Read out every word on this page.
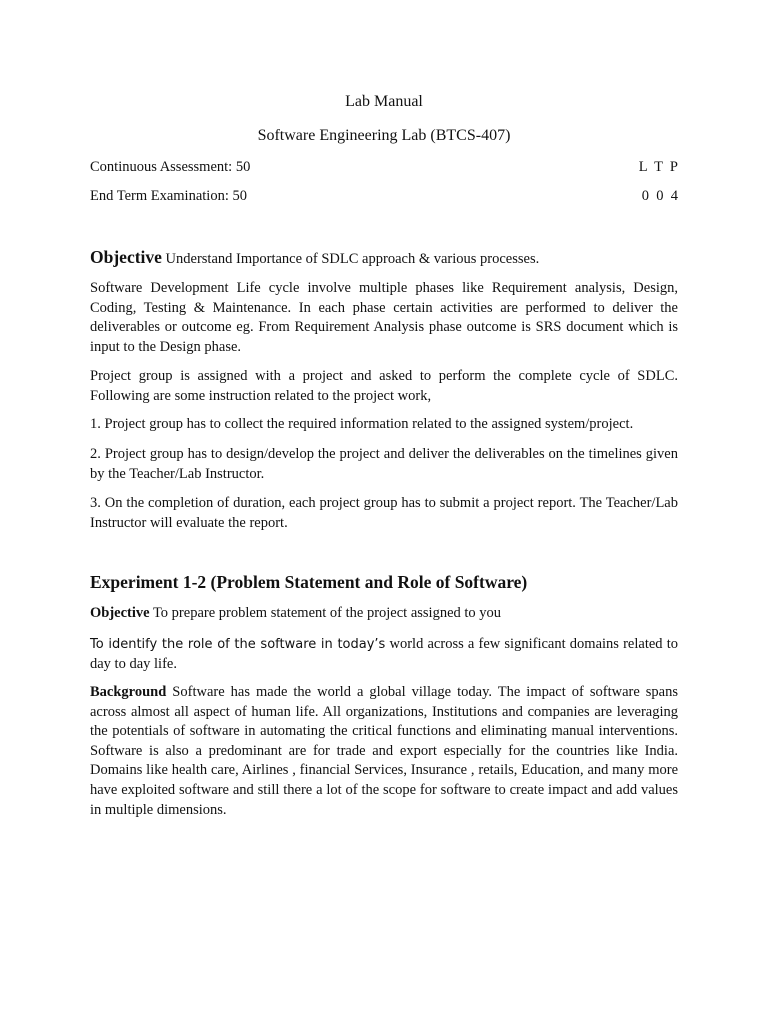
Lab Manual
Software Engineering Lab (BTCS-407)
Continuous Assessment: 50	L  T  P
End Term Examination: 50	0  0  4
Objective Understand Importance of SDLC approach & various processes.
Software Development Life cycle involve multiple phases like Requirement analysis, Design, Coding, Testing & Maintenance. In each phase certain activities are performed to deliver the deliverables or outcome eg. From Requirement Analysis phase outcome is SRS document which is input to the Design phase.
Project group is assigned with a project and asked to perform the complete cycle of SDLC. Following are some instruction related to the project work,
1. Project group has to collect the required information related to the assigned system/project.
2. Project group has to design/develop the project and deliver the deliverables on the timelines given by the Teacher/Lab Instructor.
3. On the completion of duration, each project group has to submit a project report. The Teacher/Lab Instructor will evaluate the report.
Experiment 1-2 (Problem Statement and Role of Software)
Objective To prepare problem statement of the project assigned to you
To identify the role of the software in today’s world across a few significant domains related to day to day life.
Background Software has made the world a global village today. The impact of software spans across almost all aspect of human life. All organizations, Institutions and companies are leveraging the potentials of software in automating the critical functions and eliminating manual interventions. Software is also a predominant are for trade and export especially for the countries like India. Domains like health care, Airlines , financial Services, Insurance , retails, Education, and many more have exploited software and still there a lot of the scope for software to create impact and add values in multiple dimensions.
